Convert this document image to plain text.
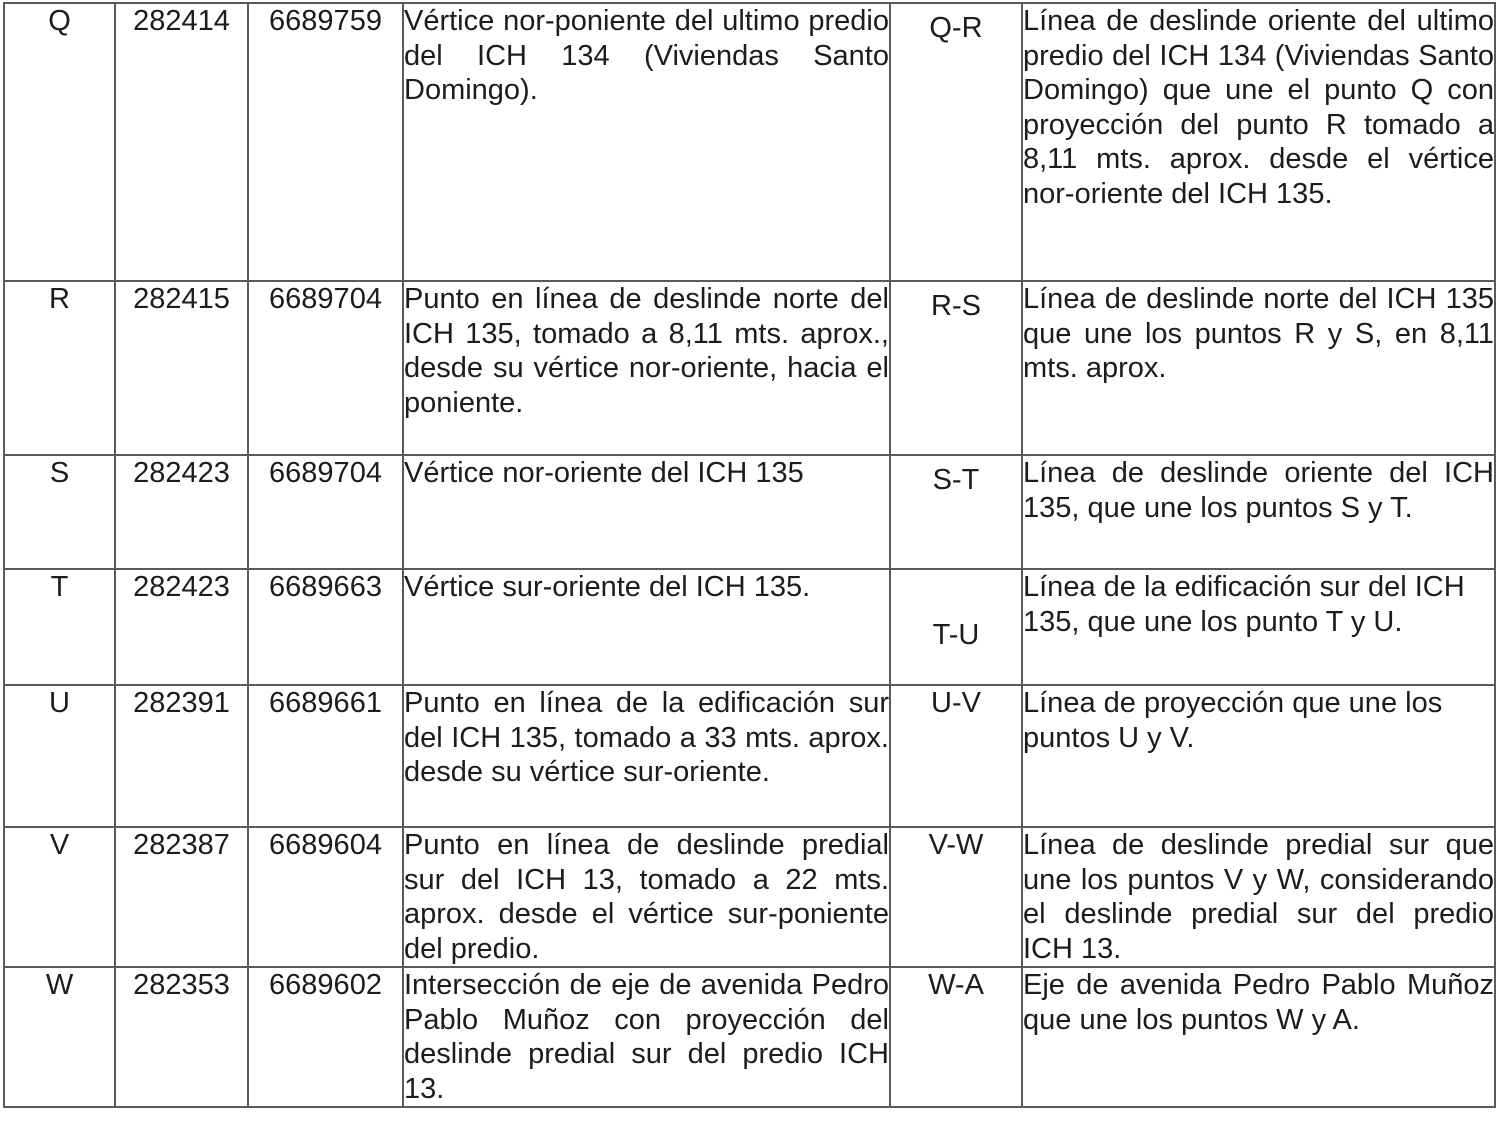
Q	282414	6689759	Vértice nor-poniente del ultimo predio del ICH 134 (Viviendas Santo Domingo).	Q-R	Línea de deslinde oriente del ultimo predio del ICH 134 (Viviendas Santo Domingo) que une el punto Q con proyección del punto R tomado a 8,11 mts. aprox. desde el vértice nor-oriente del ICH 135.
R	282415	6689704	Punto en línea de deslinde norte del ICH 135, tomado a 8,11 mts. aprox., desde su vértice nor-oriente, hacia el poniente.	R-S	Línea de deslinde norte del ICH 135 que une los puntos R y S, en 8,11 mts. aprox.
S	282423	6689704	Vértice nor-oriente del ICH 135	S-T	Línea de deslinde oriente del ICH 135, que une los puntos S y T.
T	282423	6689663	Vértice sur-oriente del ICH 135.	T-U	Línea de la edificación sur del ICH 135, que une los punto T y U.
U	282391	6689661	Punto en línea de la edificación sur del ICH 135, tomado a 33 mts. aprox. desde su vértice sur-oriente.	U-V	Línea de proyección que une los puntos U y V.
V	282387	6689604	Punto en línea de deslinde predial sur del ICH 13, tomado a 22 mts. aprox. desde el vértice sur-poniente del predio.	V-W	Línea de deslinde predial sur que une los puntos V y W, considerando el deslinde predial sur del predio ICH 13.
W	282353	6689602	Intersección de eje de avenida Pedro Pablo Muñoz con proyección del deslinde predial sur del predio ICH 13.	W-A	Eje de avenida Pedro Pablo Muñoz que une los puntos W y A.
